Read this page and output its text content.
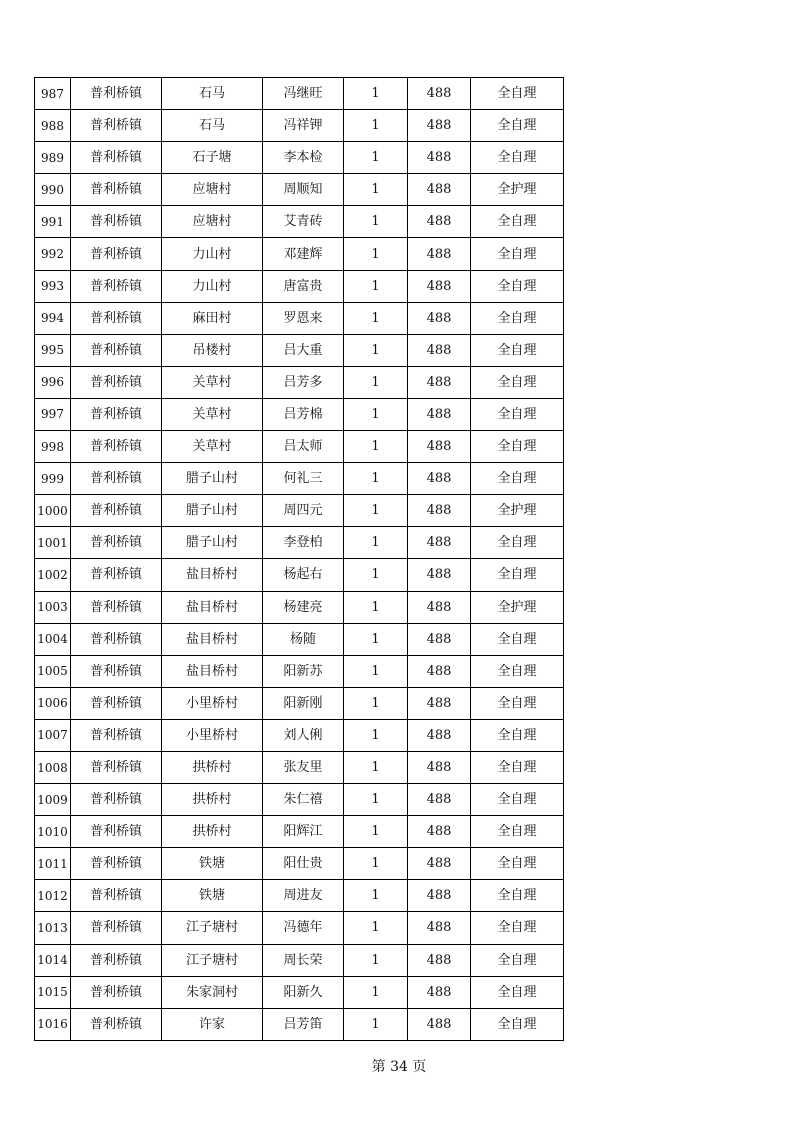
987	普利桥镇	石马	冯继旺	1	488	全自理
988	普利桥镇	石马	冯祥钾	1	488	全自理
989	普利桥镇	石子塘	李本检	1	488	全自理
990	普利桥镇	应塘村	周顺知	1	488	全护理
991	普利桥镇	应塘村	艾青砖	1	488	全自理
992	普利桥镇	力山村	邓建辉	1	488	全自理
993	普利桥镇	力山村	唐富贵	1	488	全自理
994	普利桥镇	麻田村	罗恩来	1	488	全自理
995	普利桥镇	吊楼村	吕大重	1	488	全自理
996	普利桥镇	关草村	吕芳多	1	488	全自理
997	普利桥镇	关草村	吕芳棉	1	488	全自理
998	普利桥镇	关草村	吕太师	1	488	全自理
999	普利桥镇	腊子山村	何礼三	1	488	全自理
1000	普利桥镇	腊子山村	周四元	1	488	全护理
1001	普利桥镇	腊子山村	李登柏	1	488	全自理
1002	普利桥镇	盐目桥村	杨起右	1	488	全自理
1003	普利桥镇	盐目桥村	杨建亮	1	488	全护理
1004	普利桥镇	盐目桥村	杨随	1	488	全自理
1005	普利桥镇	盐目桥村	阳新苏	1	488	全自理
1006	普利桥镇	小里桥村	阳新刚	1	488	全自理
1007	普利桥镇	小里桥村	刘人俐	1	488	全自理
1008	普利桥镇	拱桥村	张友里	1	488	全自理
1009	普利桥镇	拱桥村	朱仁禧	1	488	全自理
1010	普利桥镇	拱桥村	阳辉江	1	488	全自理
1011	普利桥镇	铁塘	阳仕贵	1	488	全自理
1012	普利桥镇	铁塘	周进友	1	488	全自理
1013	普利桥镇	江子塘村	冯德年	1	488	全自理
1014	普利桥镇	江子塘村	周长荣	1	488	全自理
1015	普利桥镇	朱家洞村	阳新久	1	488	全自理
1016	普利桥镇	许家	吕芳笛	1	488	全自理
第 34 页
